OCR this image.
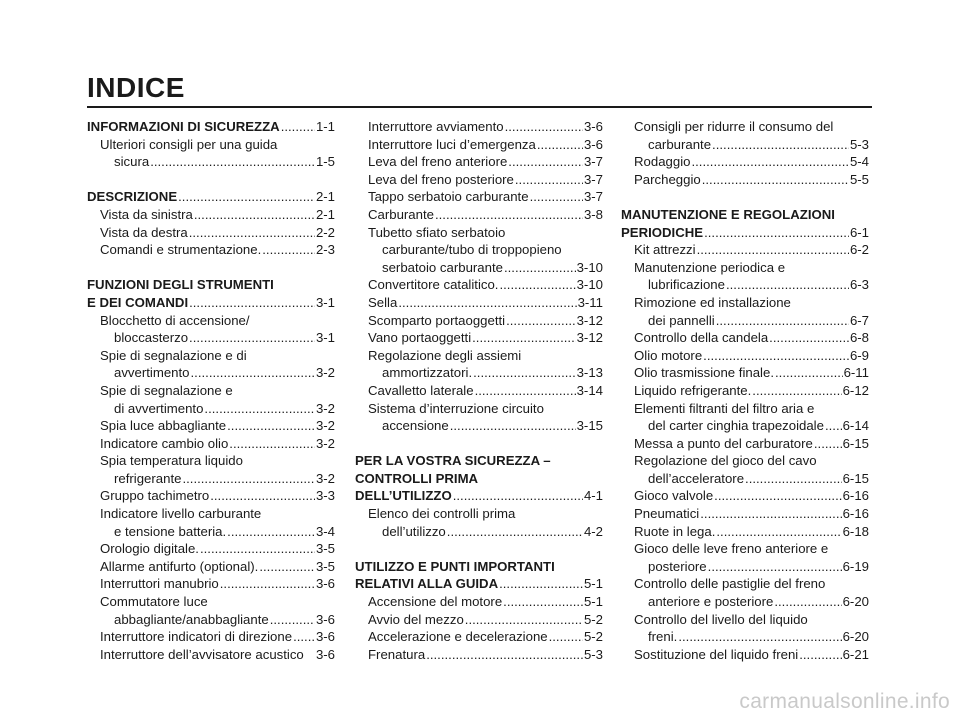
INDICE
INFORMAZIONI DI SICUREZZA .....	1-1
Ulteriori consigli per una guida
sicura .....	1-5
DESCRIZIONE .....	2-1
Vista da sinistra .....	2-1
Vista da destra .....	2-2
Comandi e strumentazione. .....	2-3
FUNZIONI DEGLI STRUMENTI
E DEI COMANDI .....	3-1
Blocchetto di accensione/
bloccasterzo .....	3-1
Spie di segnalazione e di
avvertimento .....	3-2
Spie di segnalazione e
di avvertimento .....	3-2
Spia luce abbagliante .....	3-2
Indicatore cambio olio .....	3-2
Spia temperatura liquido
refrigerante .....	3-2
Gruppo tachimetro .....	3-3
Indicatore livello carburante
e tensione batteria. .....	3-4
Orologio digitale. .....	3-5
Allarme antifurto (optional). .....	3-5
Interruttori manubrio .....	3-6
Commutatore luce
abbagliante/anabbagliante .....	3-6
Interruttore indicatori di direzione ..... 3-6
Interruttore dell’avvisatore acustico 3-6
Interruttore avviamento .....	3-6
Interruttore luci d’emergenza .....	3-6
Leva del freno anteriore .....	3-7
Leva del freno posteriore .....	3-7
Tappo serbatoio carburante .....	3-7
Carburante .....	3-8
Tubetto sfiato serbatoio
carburante/tubo di troppopieno
serbatoio carburante .....	3-10
Convertitore catalitico. .....	3-10
Sella .....	3-11
Scomparto portaoggetti .....	3-12
Vano portaoggetti .....	3-12
Regolazione degli assiemi
ammortizzatori. .....	3-13
Cavalletto laterale .....	3-14
Sistema d’interruzione circuito
accensione .....	3-15
PER LA VOSTRA SICUREZZA –
CONTROLLI PRIMA
DELL’UTILIZZO .....	4-1
Elenco dei controlli prima
dell’utilizzo .....	4-2
UTILIZZO E PUNTI IMPORTANTI
RELATIVI ALLA GUIDA .....	5-1
Accensione del motore .....	5-1
Avvio del mezzo .....	5-2
Accelerazione e decelerazione .....	5-2
Frenatura .....	5-3
Consigli per ridurre il consumo del
carburante .....	5-3
Rodaggio .....	5-4
Parcheggio .....	5-5
MANUTENZIONE E REGOLAZIONI
PERIODICHE .....	6-1
Kit attrezzi .....	6-2
Manutenzione periodica e
lubrificazione .....	6-3
Rimozione ed installazione
dei pannelli .....	6-7
Controllo della candela .....	6-8
Olio motore .....	6-9
Olio trasmissione finale. .....	6-11
Liquido refrigerante. .....	6-12
Elementi filtranti del filtro aria e
del carter cinghia trapezoidale ..... 6-14
Messa a punto del carburatore ..... 6-15
Regolazione del gioco del cavo
dell’acceleratore .....	6-15
Gioco valvole .....	6-16
Pneumatici .....	6-16
Ruote in lega. .....	6-18
Gioco delle leve freno anteriore e
posteriore .....	6-19
Controllo delle pastiglie del freno
anteriore e posteriore .....	6-20
Controllo del livello del liquido
freni. .....	6-20
Sostituzione del liquido freni .....	6-21
carmanualsonline.info
